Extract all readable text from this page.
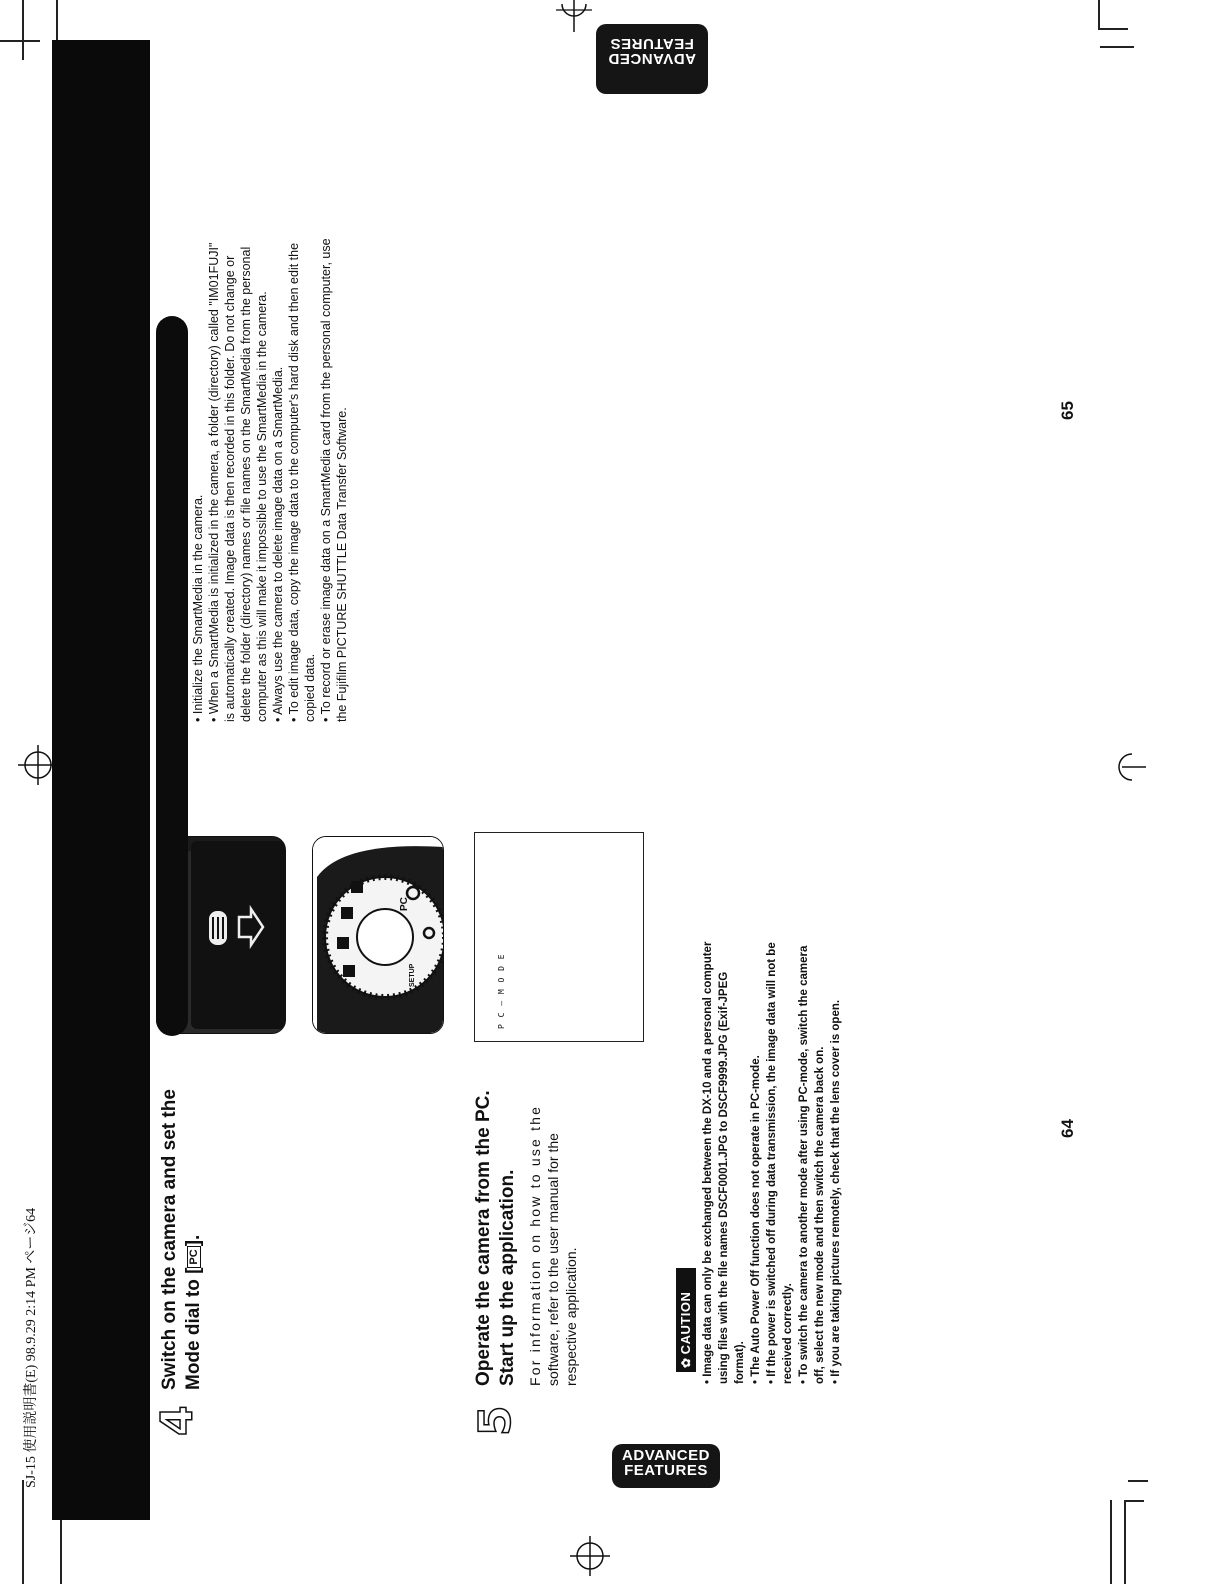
SJ-15 使用説明書(E) 98.9.29 2:14 PM ページ64	ADVANCED
FEATURES
ADVANCED
FEATURES
4
Switch on the camera and set the Mode dial to [PC].
PC
SETUP
5
Operate the camera from the PC. Start up the application. For information on how to use the software, refer to the user manual for the respective application.
P C — M O D E
✿ CAUTION • Image data can only be exchanged between the DX-10 and a personal computer using files with the file names DSCF0001.JPG to DSCF9999.JPG (Exif-JPEG format). • The Auto Power Off function does not operate in PC-mode. • If the power is switched off during data transmission, the image data will not be received correctly. • To switch the camera to another mode after using PC-mode, switch the camera off, select the new mode and then switch the camera back on. • If you are taking pictures remotely, check that the lens cover is open.	64
• Initialize the SmartMedia in the camera. • When a SmartMedia is initialized in the camera, a folder (directory) called "IM01FUJI" is automatically created. Image data is then recorded in this folder. Do not change or delete the folder (directory) names or file names on the SmartMedia from the personal computer as this will make it impossible to use the SmartMedia in the camera. • Always use the camera to delete image data on a SmartMedia. • To edit image data, copy the image data to the computer's hard disk and then edit the copied data. • To record or erase image data on a SmartMedia card from the personal computer, use the Fujifilm PICTURE SHUTTLE Data Transfer Software.	65
